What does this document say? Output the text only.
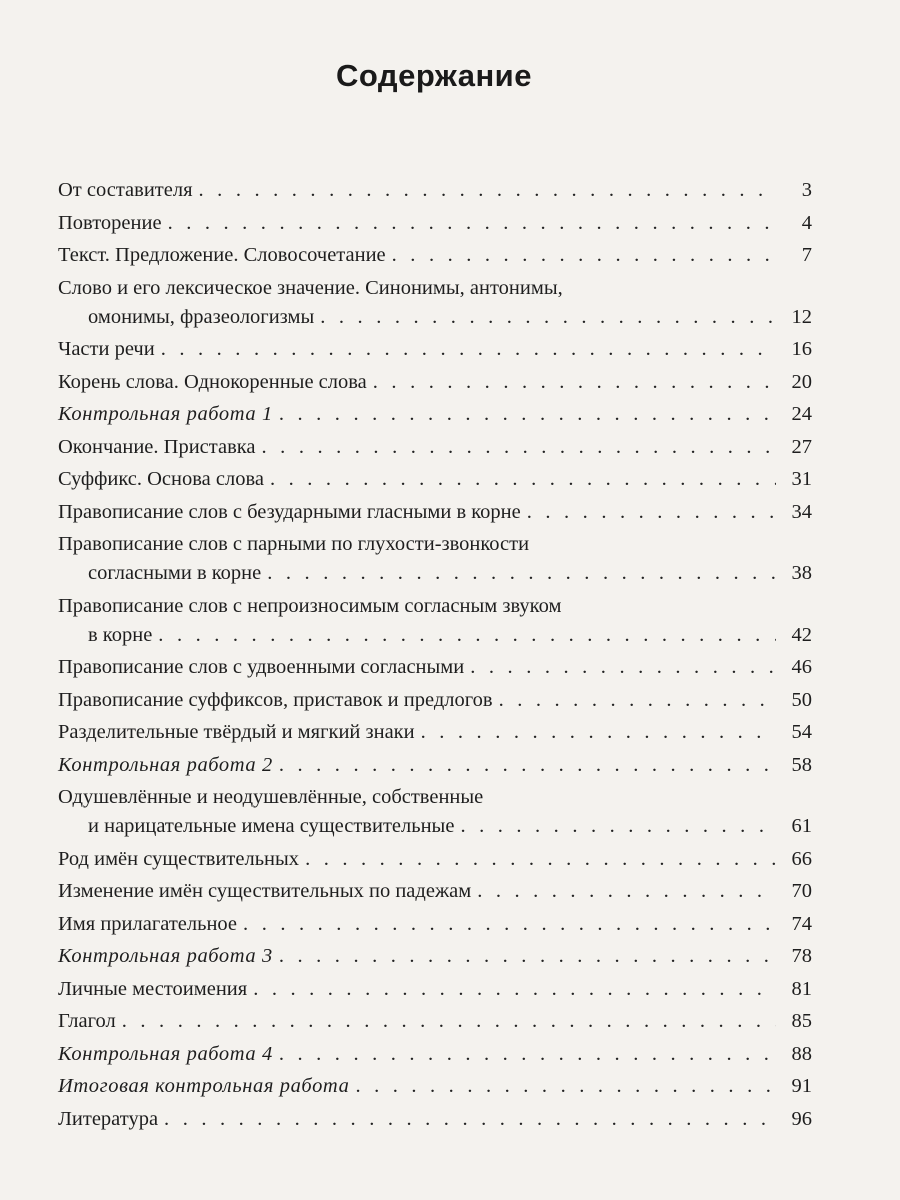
Содержание
От составителя . . .	3
Повторение . . .	4
Текст. Предложение. Словосочетание . . .	7
Слово и его лексическое значение. Синонимы, антонимы,
омонимы, фразеологизмы . . .	12
Части речи . . .	16
Корень слова. Однокоренные слова . . .	20
Контрольная работа 1 . . .	24
Окончание. Приставка . . .	27
Суффикс. Основа слова . . .	31
Правописание слов с безударными гласными в корне . . .	34
Правописание слов с парными по глухости-звонкости
согласными в корне . . .	38
Правописание слов с непроизносимым согласным звуком
в корне . . .	42
Правописание слов с удвоенными согласными . . .	46
Правописание суффиксов, приставок и предлогов . . .	50
Разделительные твёрдый и мягкий знаки . . .	54
Контрольная работа 2 . . .	58
Одушевлённые и неодушевлённые, собственные
и нарицательные имена существительные . . .	61
Род имён существительных . . .	66
Изменение имён существительных по падежам . . .	70
Имя прилагательное . . .	74
Контрольная работа 3 . . .	78
Личные местоимения . . .	81
Глагол . . .	85
Контрольная работа 4 . . .	88
Итоговая контрольная работа . . .	91
Литература . . .	96
